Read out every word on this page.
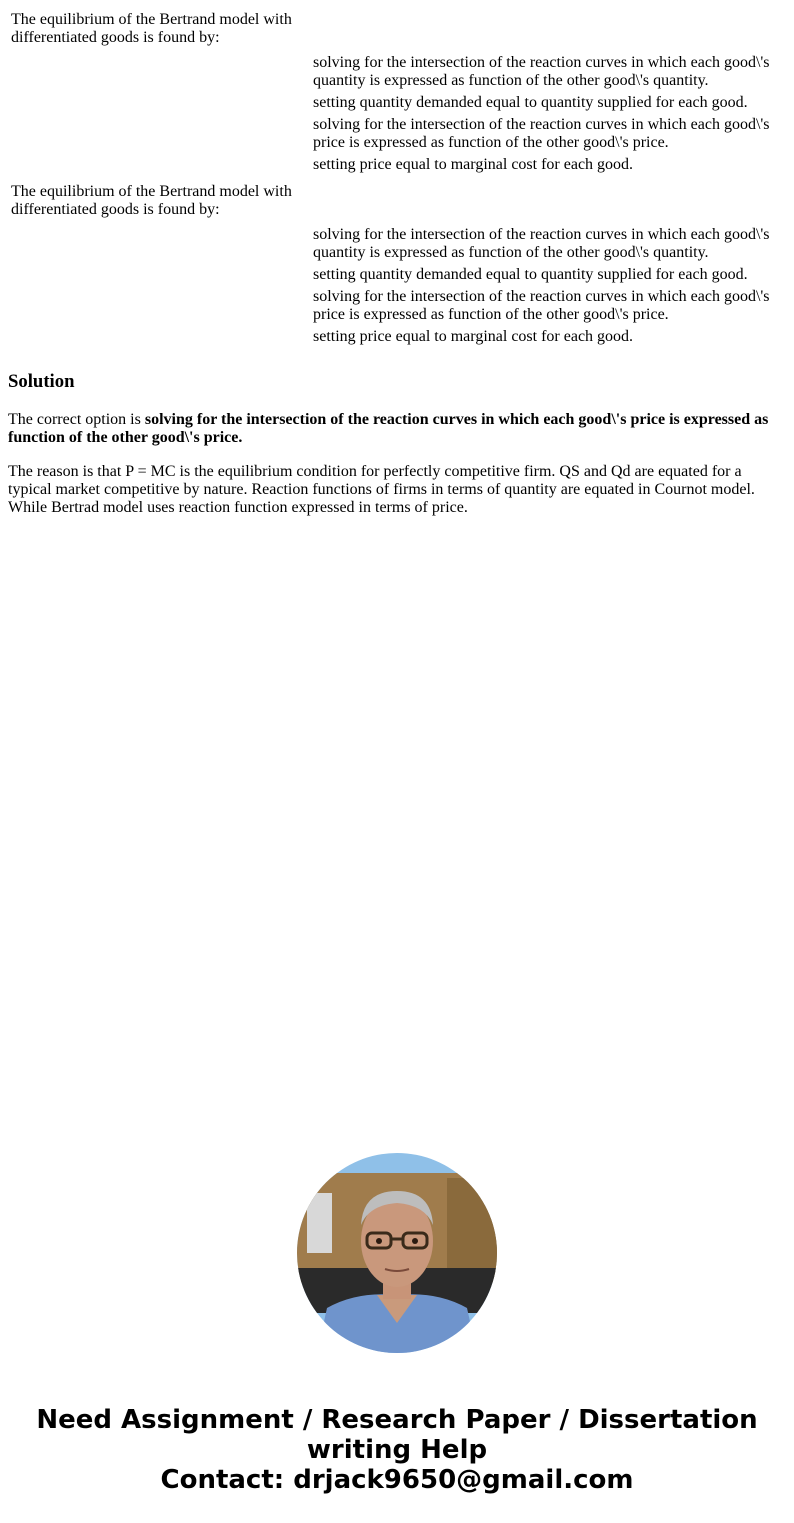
The equilibrium of the Bertrand model with differentiated goods is found by:
solving for the intersection of the reaction curves in which each good\'s quantity is expressed as function of the other good\'s quantity.
setting quantity demanded equal to quantity supplied for each good.
solving for the intersection of the reaction curves in which each good\'s price is expressed as function of the other good\'s price.
setting price equal to marginal cost for each good.
The equilibrium of the Bertrand model with differentiated goods is found by:
solving for the intersection of the reaction curves in which each good\'s quantity is expressed as function of the other good\'s quantity.
setting quantity demanded equal to quantity supplied for each good.
solving for the intersection of the reaction curves in which each good\'s price is expressed as function of the other good\'s price.
setting price equal to marginal cost for each good.
Solution

The correct option is solving for the intersection of the reaction curves in which each good\'s price is expressed as function of the other good\'s price.

The reason is that P = MC is the equilibrium condition for perfectly competitive firm. QS and Qd are equated for a typical market competitive by nature. Reaction functions of firms in terms of quantity are equated in Cournot model. While Bertrad model uses reaction function expressed in terms of price.

Need Assignment / Research Paper / Dissertation writing Help
Contact: drjack9650@gmail.com
